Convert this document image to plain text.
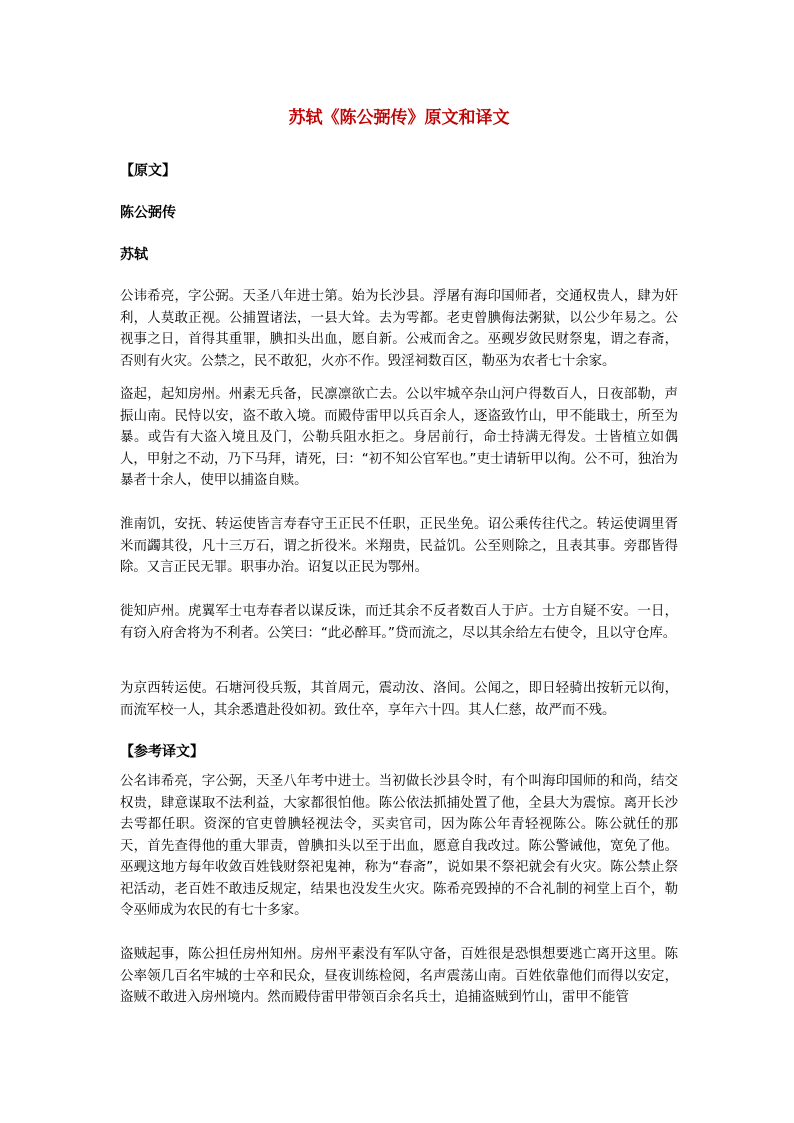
苏轼《陈公弼传》原文和译文

【原文】

陈公弼传

苏轼

公讳希亮，字公弼。天圣八年进士第。始为长沙县。浮屠有海印国师者，交通权贵人，肆为奸利，人莫敢正视。公捕置诸法，一县大耸。去为雩都。老吏曾腆侮法粥狱，以公少年易之。公视事之日，首得其重罪，腆扣头出血，愿自新。公戒而舍之。巫觋岁敛民财祭鬼，谓之春斋，否则有火灾。公禁之，民不敢犯，火亦不作。毁淫祠数百区，勒巫为农者七十余家。

盗起，起知房州。州素无兵备，民凛凛欲亡去。公以牢城卒杂山河户得数百人，日夜部勒，声振山南。民恃以安，盗不敢入境。而殿侍雷甲以兵百余人，逐盗致竹山，甲不能戢士，所至为暴。或告有大盗入境且及门，公勒兵阻水拒之。身居前行，命士持满无得发。士皆植立如偶人，甲射之不动，乃下马拜，请死，曰：“初不知公官军也。”吏士请斩甲以徇。公不可，独治为暴者十余人，使甲以捕盗自赎。

淮南饥，安抚、转运使皆言寿春守王正民不任职，正民坐免。诏公乘传往代之。转运使调里胥米而蠲其役，凡十三万石，谓之折役米。米翔贵，民益饥。公至则除之，且表其事。旁郡皆得除。又言正民无罪。职事办治。诏复以正民为鄂州。

徙知庐州。虎翼军士屯寿春者以谋反诛，而迁其余不反者数百人于庐。士方自疑不安。一日，有窃入府舍将为不利者。公笑曰：“此必醉耳。”贷而流之，尽以其余给左右使令，且以守仓库。

为京西转运使。石塘河役兵叛，其首周元，震动汝、洛间。公闻之，即日轻骑出按斩元以徇，而流军校一人，其余悉遣赴役如初。致仕卒，享年六十四。其人仁慈，故严而不残。

【参考译文】

公名讳希亮，字公弼，天圣八年考中进士。当初做长沙县令时，有个叫海印国师的和尚，结交权贵，肆意谋取不法利益，大家都很怕他。陈公依法抓捕处置了他，全县大为震惊。离开长沙去雩都任职。资深的官吏曾腆轻视法令，买卖官司，因为陈公年青轻视陈公。陈公就任的那天，首先查得他的重大罪责，曾腆扣头以至于出血，愿意自我改过。陈公警诫他，宽免了他。巫觋这地方每年收敛百姓钱财祭祀鬼神，称为“春斋”，说如果不祭祀就会有火灾。陈公禁止祭祀活动，老百姓不敢违反规定，结果也没发生火灾。陈希亮毁掉的不合礼制的祠堂上百个，勒令巫师成为农民的有七十多家。

盗贼起事，陈公担任房州知州。房州平素没有军队守备，百姓很是恐惧想要逃亡离开这里。陈公率领几百名牢城的士卒和民众，昼夜训练检阅，名声震荡山南。百姓依靠他们而得以安定，盗贼不敢进入房州境内。然而殿侍雷甲带领百余名兵士，追捕盗贼到竹山，雷甲不能管
